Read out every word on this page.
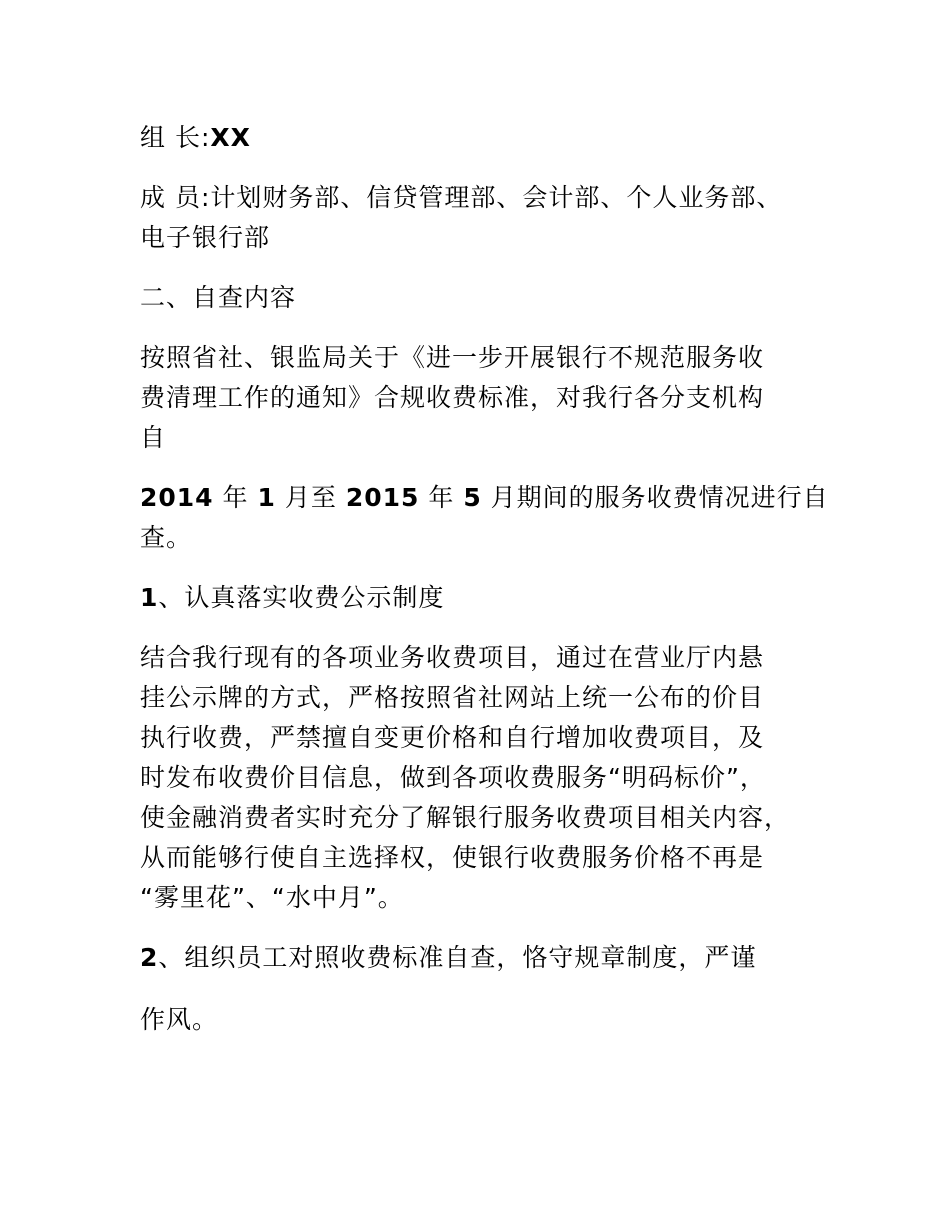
组 长:XX
成 员:计划财务部、信贷管理部、会计部、个人业务部、
电子银行部
二、自查内容
按照省社、银监局关于《进一步开展银行不规范服务收
费清理工作的通知》合规收费标准，对我行各分支机构
自
2014 年 1 月至 2015 年 5 月期间的服务收费情况进行自
查。
1、认真落实收费公示制度
结合我行现有的各项业务收费项目，通过在营业厅内悬
挂公示牌的方式，严格按照省社网站上统一公布的价目
执行收费，严禁擅自变更价格和自行增加收费项目，及
时发布收费价目信息，做到各项收费服务“明码标价”，
使金融消费者实时充分了解银行服务收费项目相关内容，
从而能够行使自主选择权，使银行收费服务价格不再是
“雾里花”、“水中月”。
2、组织员工对照收费标准自查，恪守规章制度，严谨
作风。
